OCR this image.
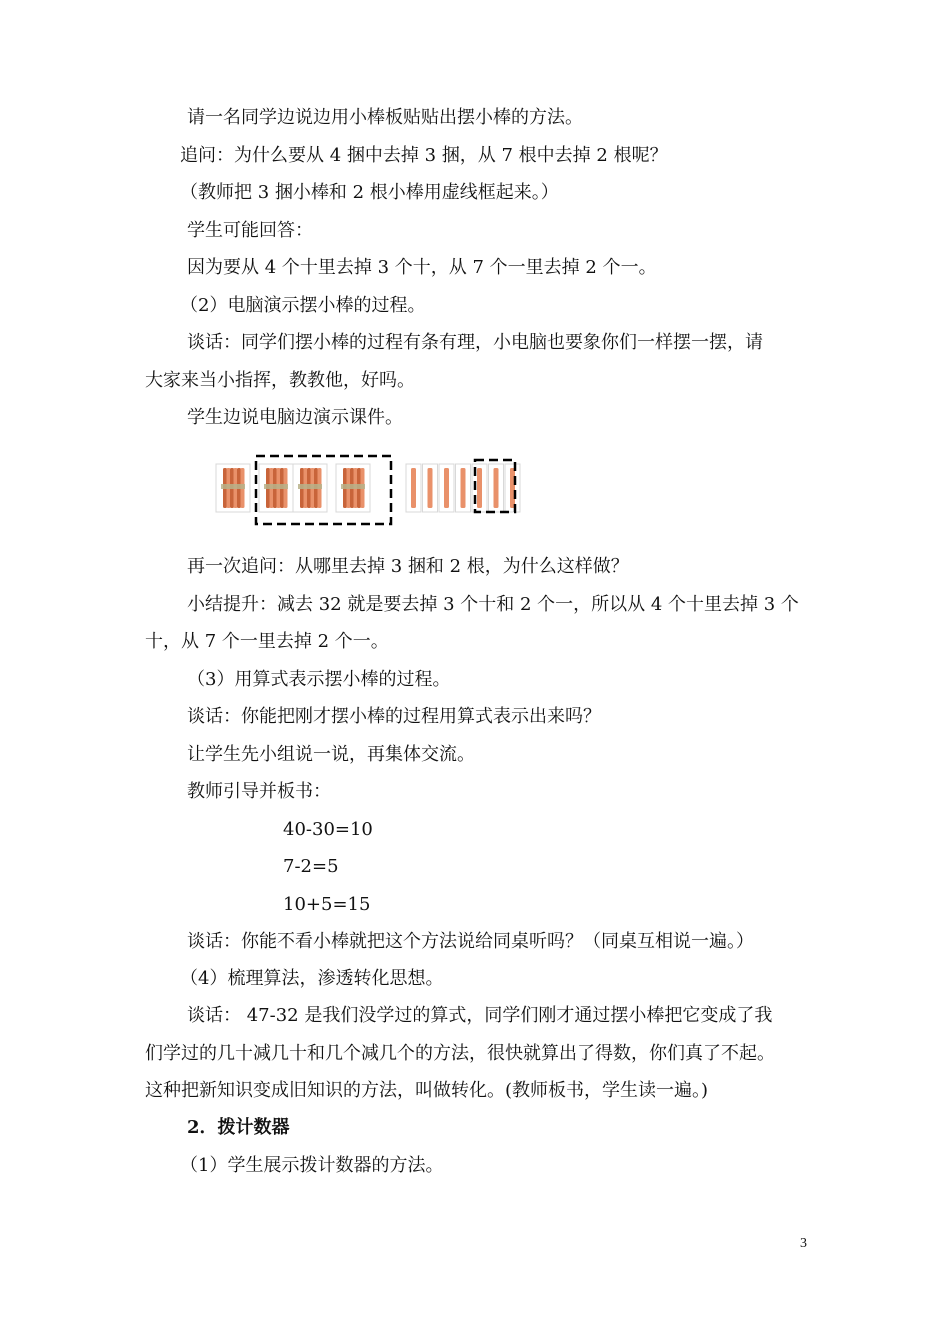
请一名同学边说边用小棒板贴贴出摆小棒的方法。
追问：为什么要从 4 捆中去掉 3 捆，从 7 根中去掉 2 根呢？
（教师把 3 捆小棒和 2 根小棒用虚线框起来。）
学生可能回答：
因为要从 4 个十里去掉 3 个十，从 7 个一里去掉 2 个一。
（2）电脑演示摆小棒的过程。
谈话：同学们摆小棒的过程有条有理，小电脑也要象你们一样摆一摆，请
大家来当小指挥，教教他，好吗。
学生边说电脑边演示课件。
再一次追问：从哪里去掉 3 捆和 2 根，为什么这样做？
小结提升：减去 32 就是要去掉 3 个十和 2 个一，所以从 4 个十里去掉 3 个
十，从 7 个一里去掉 2 个一。
（3）用算式表示摆小棒的过程。
谈话：你能把刚才摆小棒的过程用算式表示出来吗？
让学生先小组说一说，再集体交流。
教师引导并板书：
40-30=10
7-2=5
10+5=15
谈话：你能不看小棒就把这个方法说给同桌听吗？（同桌互相说一遍。）
（4）梳理算法，渗透转化思想。
谈话： 47-32 是我们没学过的算式，同学们刚才通过摆小棒把它变成了我
们学过的几十减几十和几个减几个的方法，很快就算出了得数，你们真了不起。
这种把新知识变成旧知识的方法，叫做转化。(教师板书，学生读一遍。)
2．拨计数器
（1）学生展示拨计数器的方法。
3
